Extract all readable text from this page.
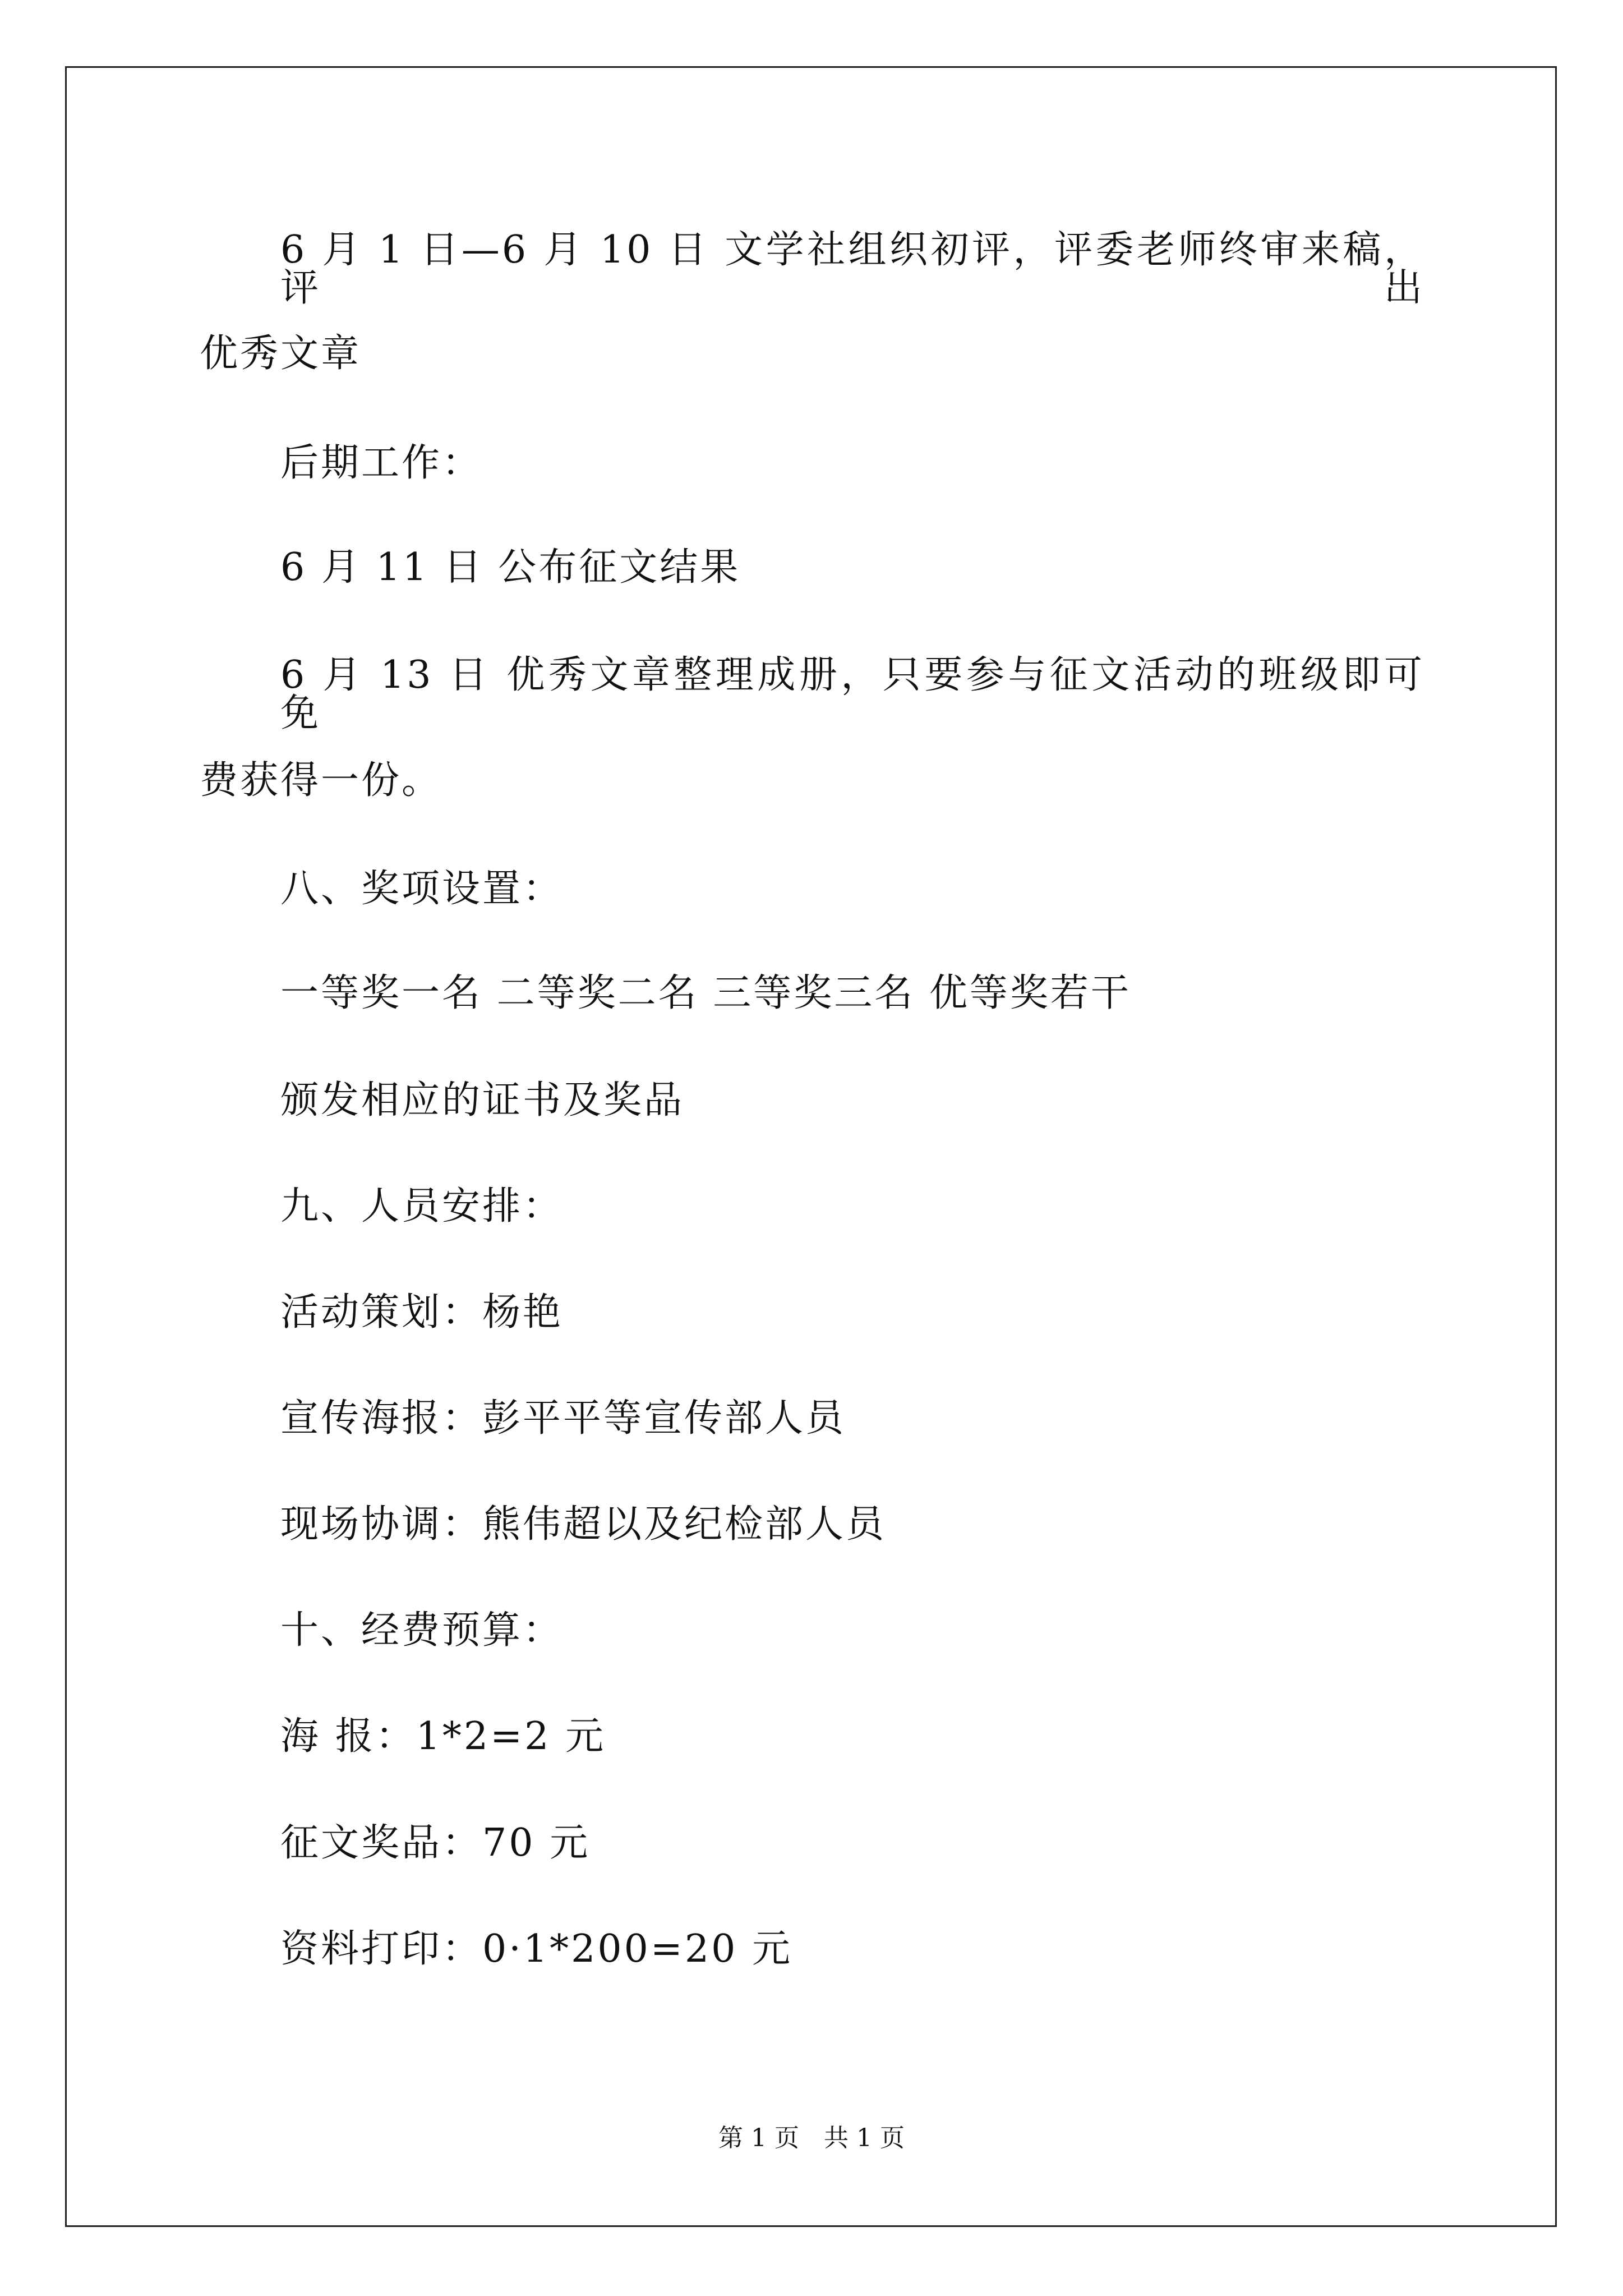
6 月 1 日—6 月 10 日 文学社组织初评，评委老师终审来稿，评出
优秀文章
后期工作：
6 月 11 日 公布征文结果
6 月 13 日 优秀文章整理成册，只要参与征文活动的班级即可免
费获得一份。
八、奖项设置：
一等奖一名 二等奖二名 三等奖三名 优等奖若干
颁发相应的证书及奖品
九、人员安排：
活动策划：杨艳
宣传海报：彭平平等宣传部人员
现场协调：熊伟超以及纪检部人员
十、经费预算：
海 报：1*2=2 元
征文奖品：70 元
资料打印：0·1*200=20 元
第 1 页　共 1 页
